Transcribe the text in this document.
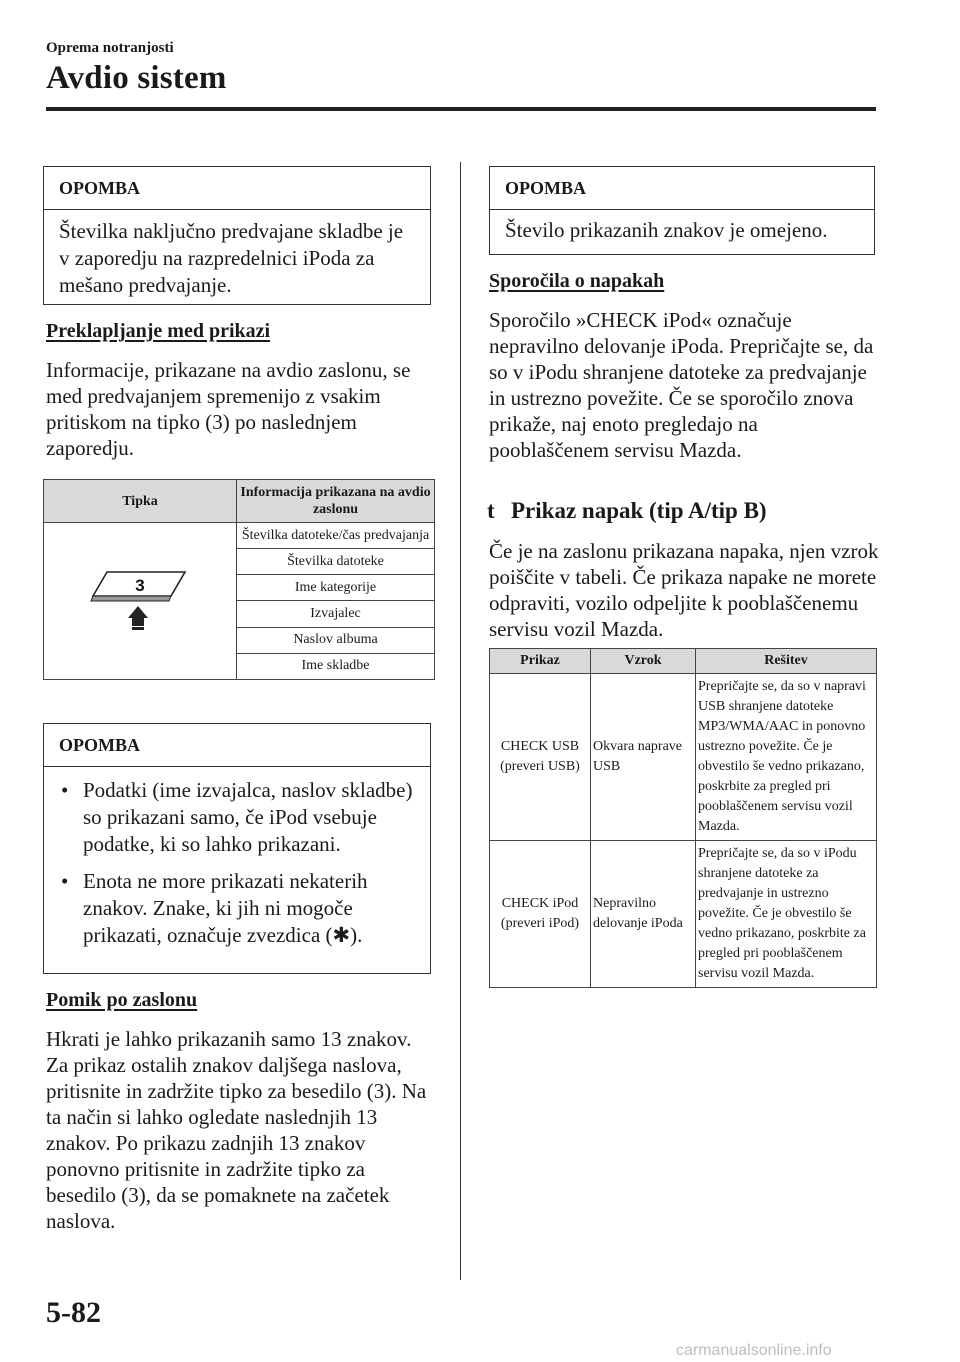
Oprema notranjosti
Avdio sistem
OPOMBA
Številka naključno predvajane skladbe je v zaporedju na razpredelnici iPoda za mešano predvajanje.
Preklapljanje med prikazi
Informacije, prikazane na avdio zaslonu, se med predvajanjem spremenijo z vsakim pritiskom na tipko (3) po naslednjem zaporedju.
Tipka	Informacija prikazana na avdio zaslonu

3	Številka datoteke/čas predvajanja
	Številka datoteke
	Ime kategorije
	Izvajalec
	Naslov albuma
	Ime skladbe
OPOMBA
• Podatki (ime izvajalca, naslov skladbe) so prikazani samo, če iPod vsebuje podatke, ki so lahko prikazani.
• Enota ne more prikazati nekaterih znakov. Znake, ki jih ni mogoče prikazati, označuje zvezdica (✱).
Pomik po zaslonu
Hkrati je lahko prikazanih samo 13 znakov. Za prikaz ostalih znakov daljšega naslova, pritisnite in zadržite tipko za besedilo (3). Na ta način si lahko ogledate naslednjih 13 znakov. Po prikazu zadnjih 13 znakov ponovno pritisnite in zadržite tipko za besedilo (3), da se pomaknete na začetek naslova.
OPOMBA
Število prikazanih znakov je omejeno.
Sporočila o napakah
Sporočilo »CHECK iPod« označuje nepravilno delovanje iPoda. Prepričajte se, da so v iPodu shranjene datoteke za predvajanje in ustrezno povežite. Če se sporočilo znova prikaže, naj enoto pregledajo na pooblaščenem servisu Mazda.
t Prikaz napak (tip A/tip B)
Če je na zaslonu prikazana napaka, njen vzrok poiščite v tabeli. Če prikaza napake ne morete odpraviti, vozilo odpeljite k pooblaščenemu servisu vozil Mazda.
Prikaz	Vzrok	Rešitev
CHECK USB (preveri USB)	Okvara naprave USB	Prepričajte se, da so v napravi USB shranjene datoteke MP3/WMA/AAC in ponovno ustrezno povežite. Če je obvestilo še vedno prikazano, poskrbite za pregled pri pooblaščenem servisu vozil Mazda.
CHECK iPod (preveri iPod)	Nepravilno delovanje iPoda	Prepričajte se, da so v iPodu shranjene datoteke za predvajanje in ustrezno povežite. Če je obvestilo še vedno prikazano, poskrbite za pregled pri pooblaščenem servisu vozil Mazda.
5-82
carmanualsonline.info
